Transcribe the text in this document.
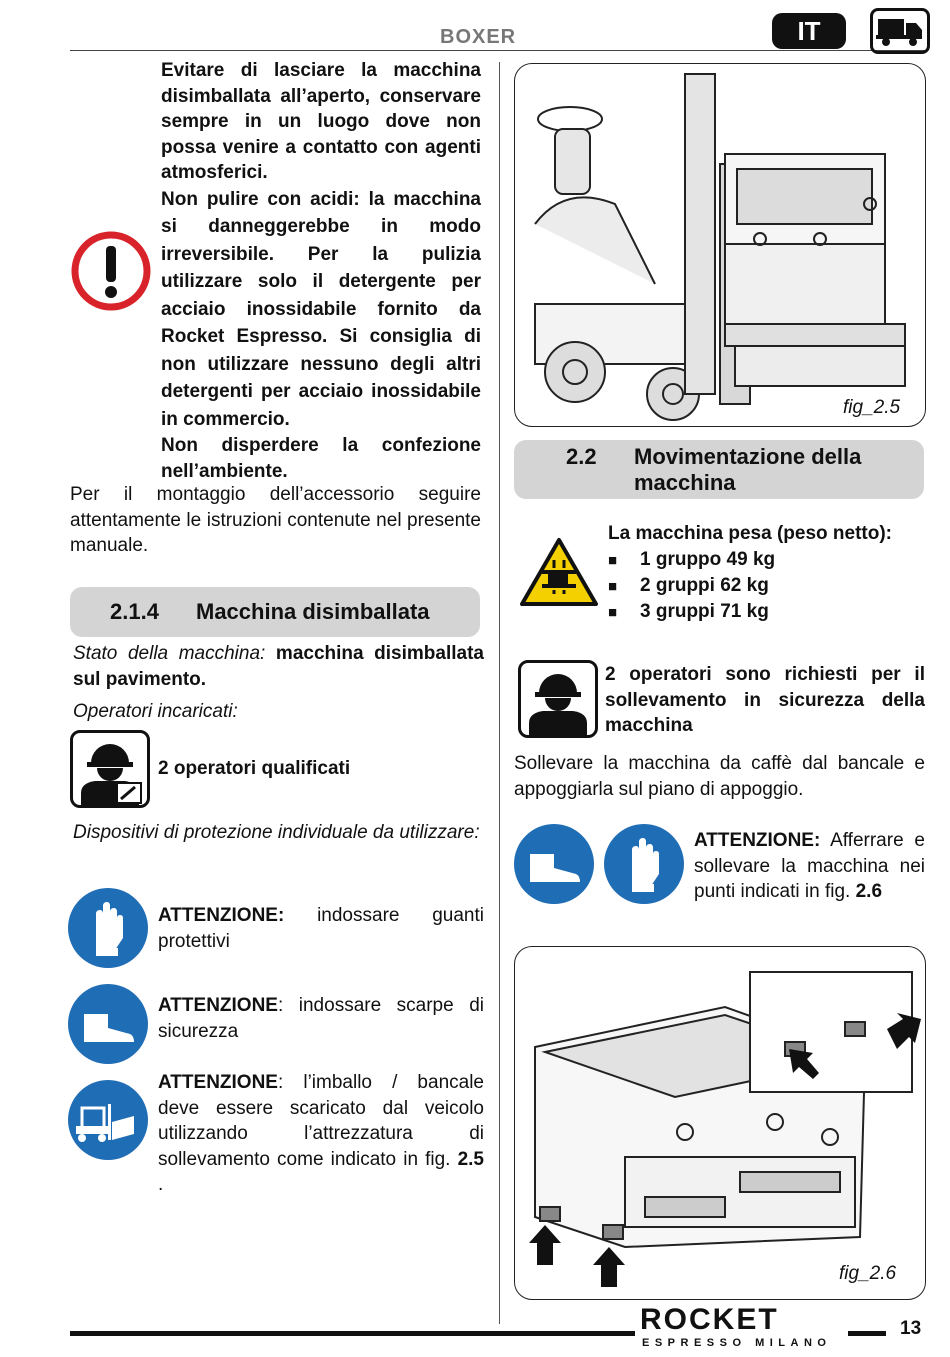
BOXER	IT
Evitare di lasciare la macchina disimballata all’aperto, conservare sempre in un luogo dove non possa venire a contatto con agenti atmosferici.
Non pulire con acidi: la macchina si danneggerebbe in modo irreversibile. Per la pulizia utilizzare solo il detergente per acciaio inossidabile fornito da Rocket Espresso. Si consiglia di non utilizzare nessuno degli altri detergenti per acciaio inossidabile in commercio.
Non disperdere la confezione nell’ambiente.
Per il montaggio dell’accessorio seguire attentamente le istruzioni contenute nel presente manuale.
2.1.4 Macchina disimballata
Stato della macchina: macchina disimballata sul pavimento.
Operatori incaricati:
2 operatori qualificati
Dispositivi di protezione individuale da utilizzare:
ATTENZIONE: indossare guanti protettivi
ATTENZIONE: indossare scarpe di sicurezza
ATTENZIONE: l’imballo / bancale deve essere scaricato dal veicolo utilizzando l’attrezzatura di sollevamento come indicato in fig. 2.5 .
fig_2.5
2.2 Movimentazione della macchina
La macchina pesa (peso netto):
■ 1 gruppo 49 kg
■ 2 gruppi 62 kg
■ 3 gruppi 71 kg
2 operatori sono richiesti per il sollevamento in sicurezza della macchina
Sollevare la macchina da caffè dal bancale e appoggiarla sul piano di appoggio.
ATTENZIONE: Afferrare e sollevare la macchina nei punti indicati in fig. 2.6
fig_2.6
ROCKET
ESPRESSO MILANO
13
